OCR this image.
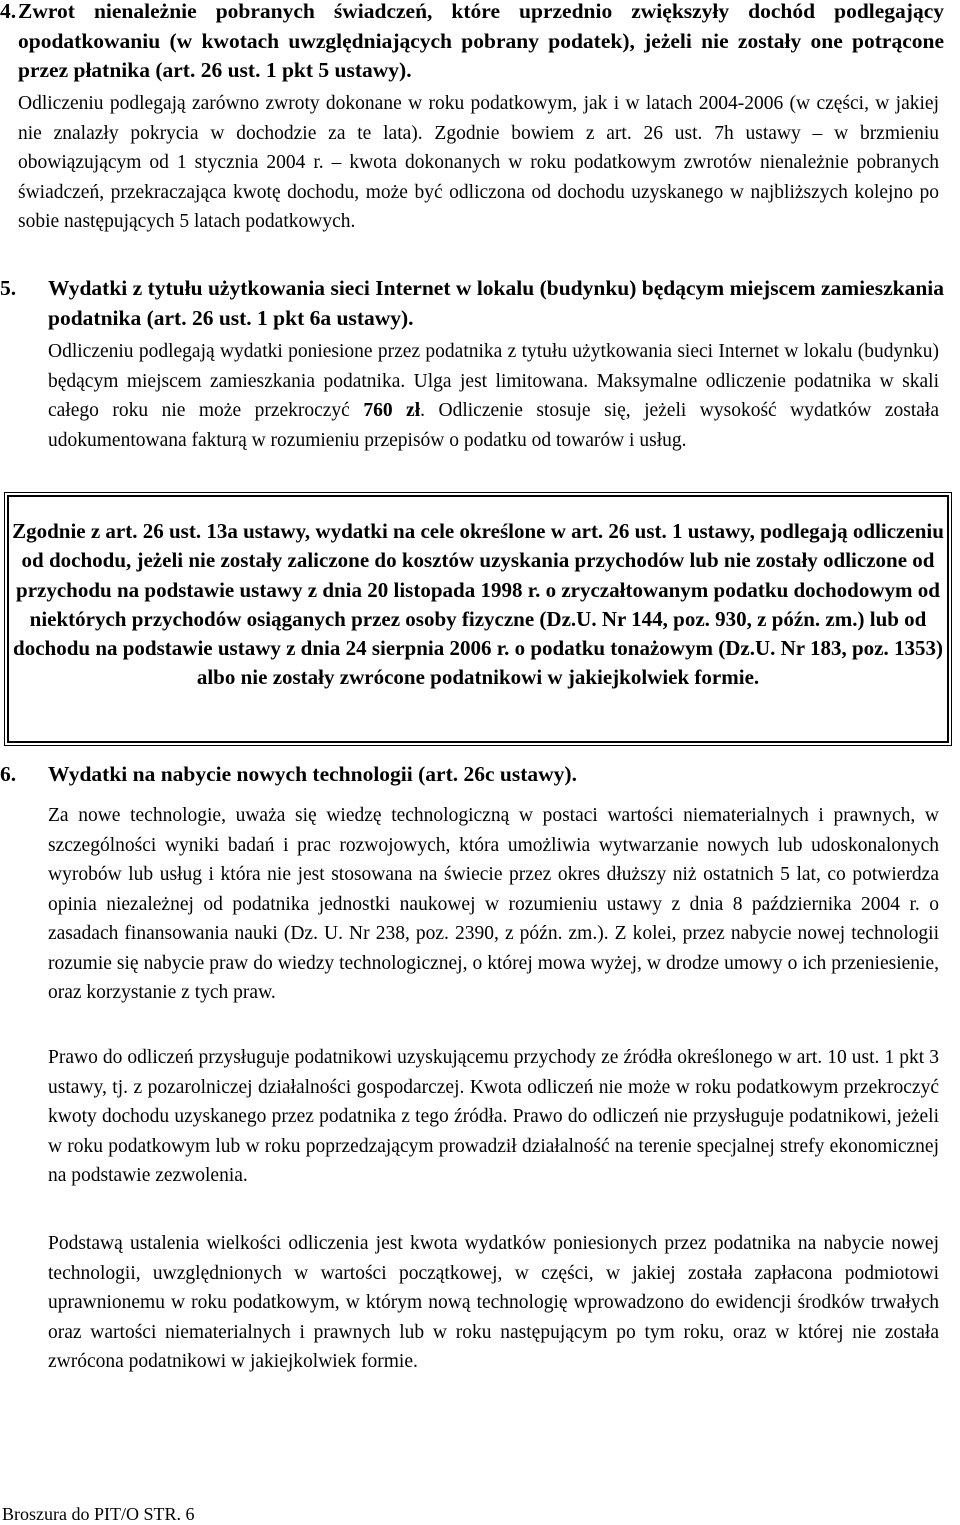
4. Zwrot nienależnie pobranych świadczeń, które uprzednio zwiększyły dochód podlegający opodatkowaniu (w kwotach uwzględniających pobrany podatek), jeżeli nie zostały one potrącone przez płatnika (art. 26 ust. 1 pkt 5 ustawy).

Odliczeniu podlegają zarówno zwroty dokonane w roku podatkowym, jak i w latach 2004-2006 (w części, w jakiej nie znalazły pokrycia w dochodzie za te lata). Zgodnie bowiem z art. 26 ust. 7h ustawy – w brzmieniu obowiązującym od 1 stycznia 2004 r. – kwota dokonanych w roku podatkowym zwrotów nienależnie pobranych świadczeń, przekraczająca kwotę dochodu, może być odliczona od dochodu uzyskanego w najbliższych kolejno po sobie następujących 5 latach podatkowych.

5. Wydatki z tytułu użytkowania sieci Internet w lokalu (budynku) będącym miejscem zamieszkania podatnika (art. 26 ust. 1 pkt 6a ustawy).

Odliczeniu podlegają wydatki poniesione przez podatnika z tytułu użytkowania sieci Internet w lokalu (budynku) będącym miejscem zamieszkania podatnika. Ulga jest limitowana. Maksymalne odliczenie podatnika w skali całego roku nie może przekroczyć 760 zł. Odliczenie stosuje się, jeżeli wysokość wydatków została udokumentowana fakturą w rozumieniu przepisów o podatku od towarów i usług.

Zgodnie z art. 26 ust. 13a ustawy, wydatki na cele określone w art. 26 ust. 1 ustawy, podlegają odliczeniu od dochodu, jeżeli nie zostały zaliczone do kosztów uzyskania przychodów lub nie zostały odliczone od przychodu na podstawie ustawy z dnia 20 listopada 1998 r. o zryczałtowanym podatku dochodowym od niektórych przychodów osiąganych przez osoby fizyczne (Dz.U. Nr 144, poz. 930, z późn. zm.) lub od dochodu na podstawie ustawy z dnia 24 sierpnia 2006 r. o podatku tonażowym (Dz.U. Nr 183, poz. 1353) albo nie zostały zwrócone podatnikowi w jakiejkolwiek formie.

6. Wydatki na nabycie nowych technologii (art. 26c ustawy).

Za nowe technologie, uważa się wiedzę technologiczną w postaci wartości niematerialnych i prawnych, w szczególności wyniki badań i prac rozwojowych, która umożliwia wytwarzanie nowych lub udoskonalonych wyrobów lub usług i która nie jest stosowana na świecie przez okres dłuższy niż ostatnich 5 lat, co potwierdza opinia niezależnej od podatnika jednostki naukowej w rozumieniu ustawy z dnia 8 października 2004 r. o zasadach finansowania nauki (Dz. U. Nr 238, poz. 2390, z późn. zm.). Z kolei, przez nabycie nowej technologii rozumie się nabycie praw do wiedzy technologicznej, o której mowa wyżej, w drodze umowy o ich przeniesienie, oraz korzystanie z tych praw.

Prawo do odliczeń przysługuje podatnikowi uzyskującemu przychody ze źródła określonego w art. 10 ust. 1 pkt 3 ustawy, tj. z pozarolniczej działalności gospodarczej. Kwota odliczeń nie może w roku podatkowym przekroczyć kwoty dochodu uzyskanego przez podatnika z tego źródła. Prawo do odliczeń nie przysługuje podatnikowi, jeżeli w roku podatkowym lub w roku poprzedzającym prowadził działalność na terenie specjalnej strefy ekonomicznej na podstawie zezwolenia.

Podstawą ustalenia wielkości odliczenia jest kwota wydatków poniesionych przez podatnika na nabycie nowej technologii, uwzględnionych w wartości początkowej, w części, w jakiej została zapłacona podmiotowi uprawnionemu w roku podatkowym, w którym nową technologię wprowadzono do ewidencji środków trwałych oraz wartości niematerialnych i prawnych lub w roku następującym po tym roku, oraz w której nie została zwrócona podatnikowi w jakiejkolwiek formie.

Broszura do PIT/O STR. 6
